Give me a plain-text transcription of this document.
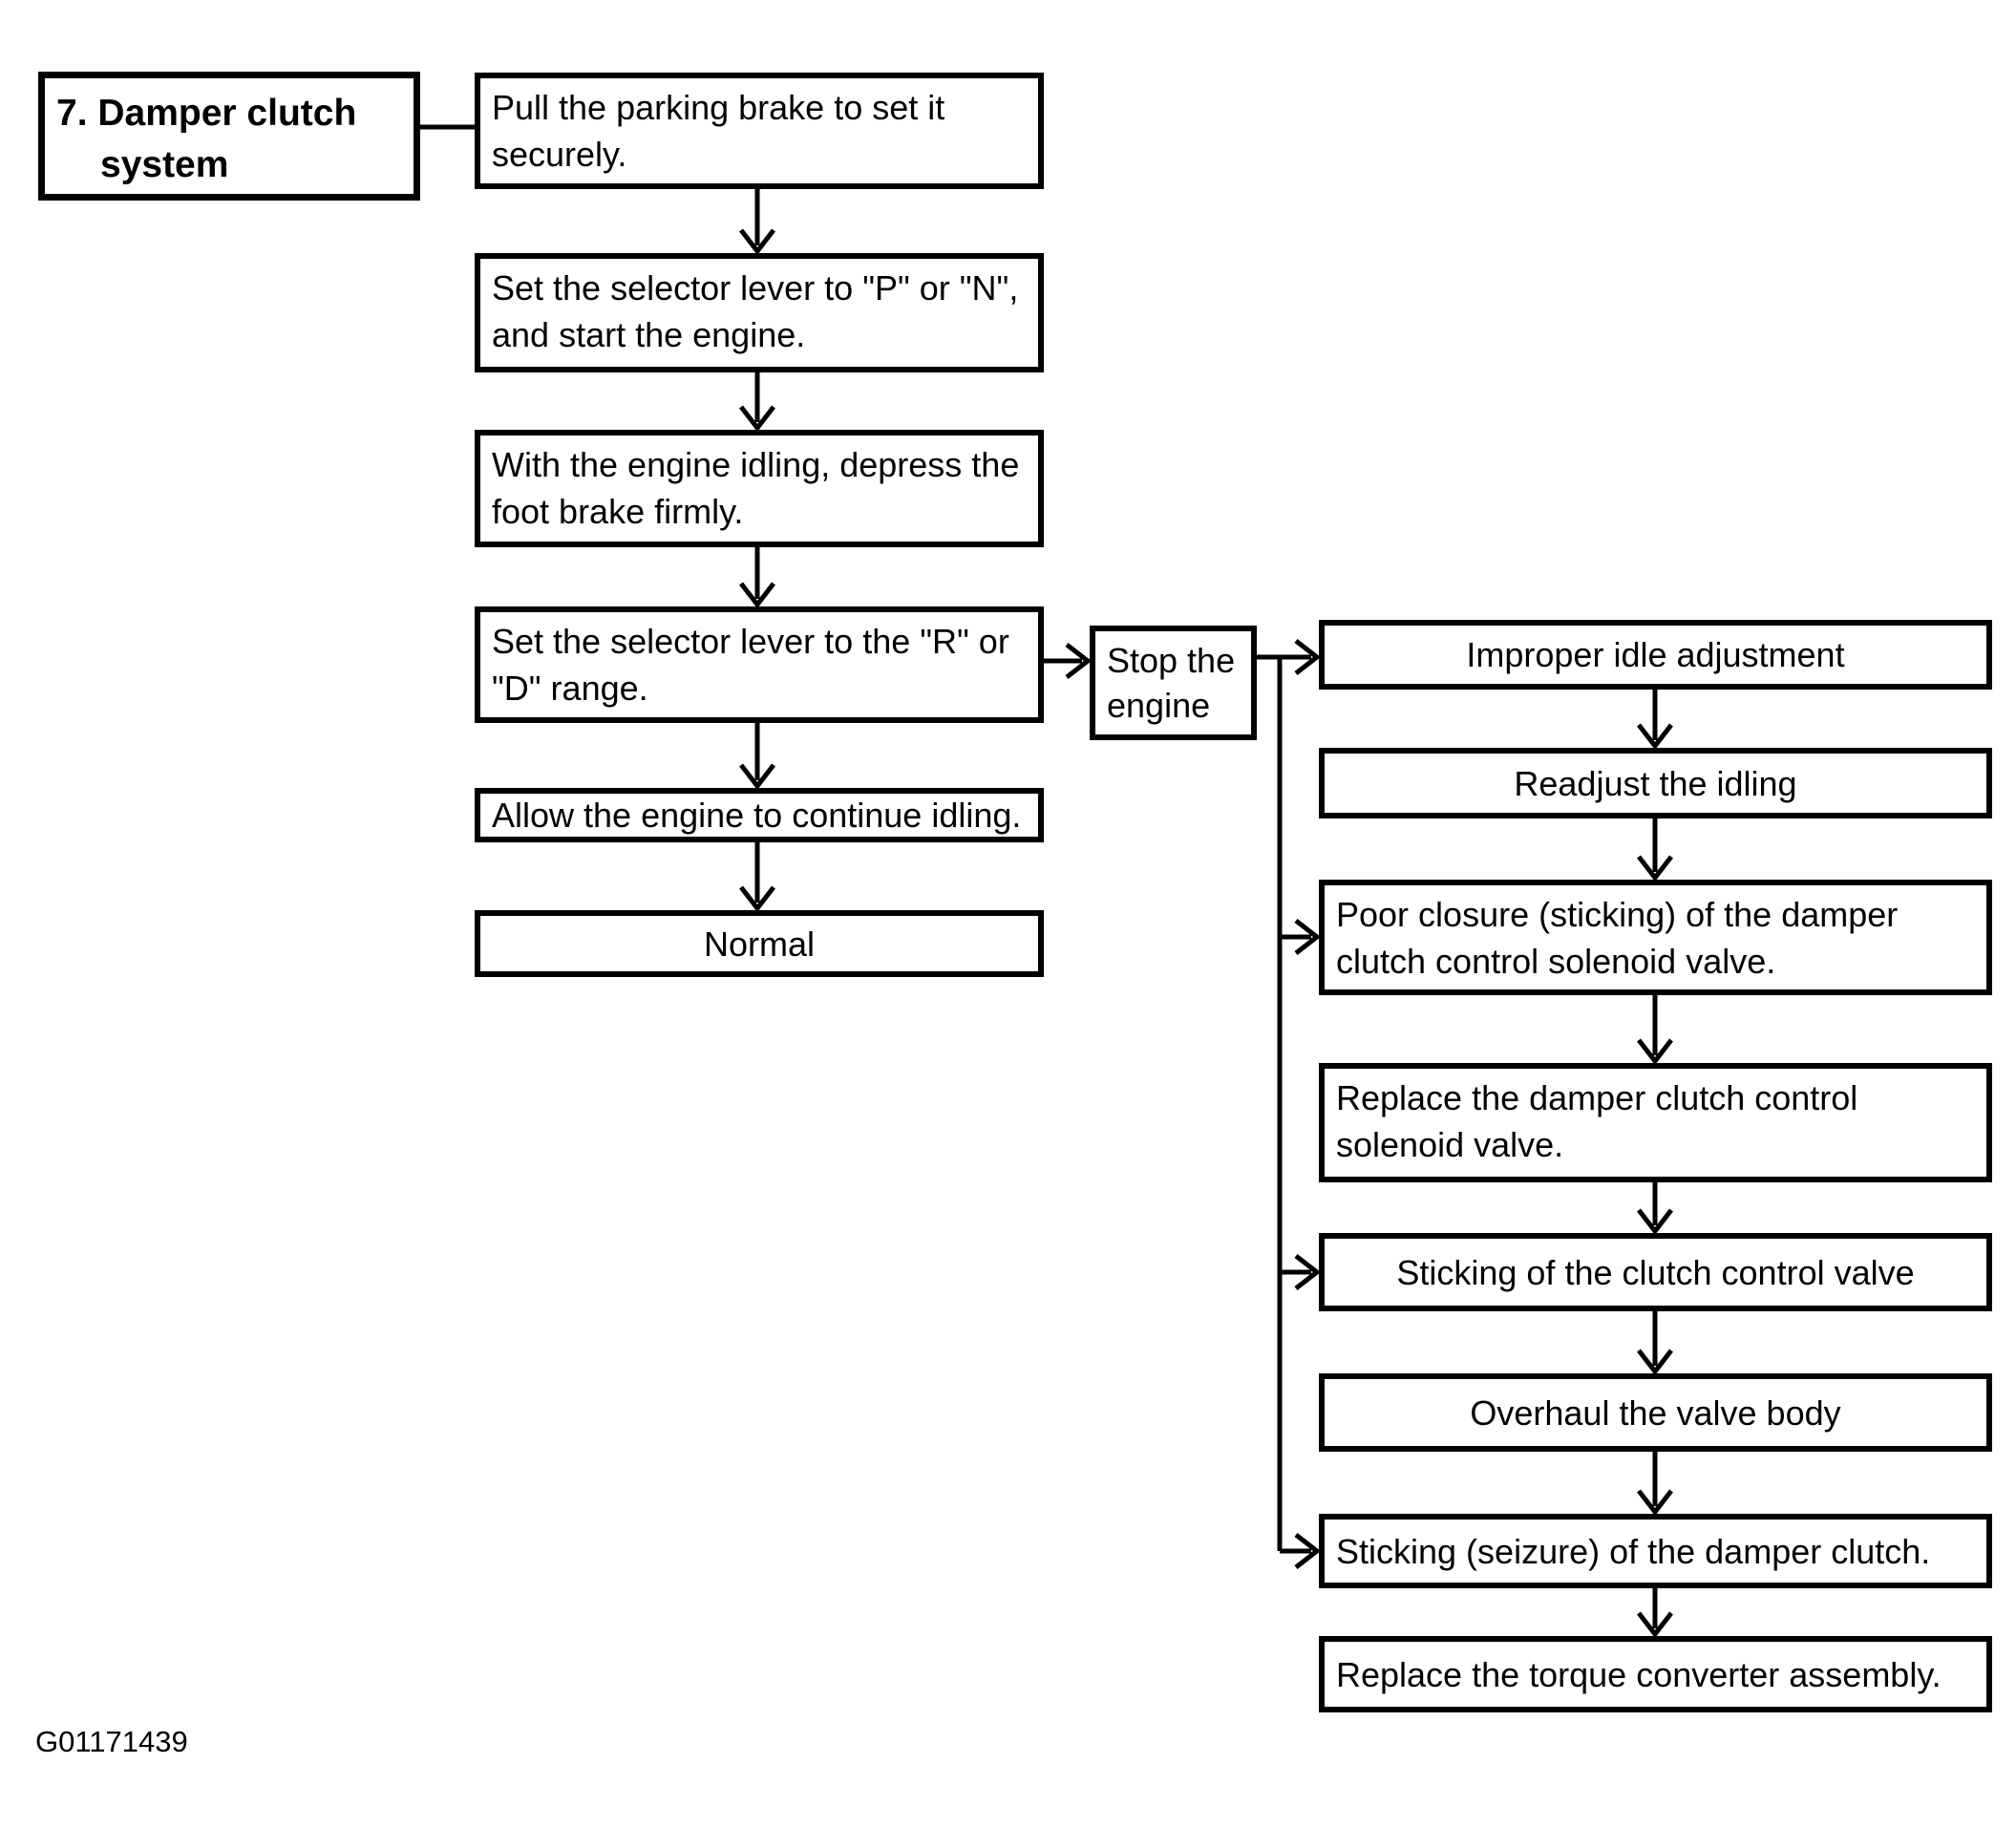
7. Damper clutch
system
Pull the parking brake to set it
securely.
Set the selector lever to "P" or "N",
and start the engine.
With the engine idling, depress the
foot brake firmly.
Set the selector lever to the "R" or
"D" range.
Allow the engine to continue idling.
Normal
Stop the
engine
Improper idle adjustment
Readjust the idling
Poor closure (sticking) of the damper
clutch control solenoid valve.
Replace the damper clutch control
solenoid valve.
Sticking of the clutch control valve
Overhaul the valve body
Sticking (seizure) of the damper clutch.
Replace the torque converter assembly.
G01171439
